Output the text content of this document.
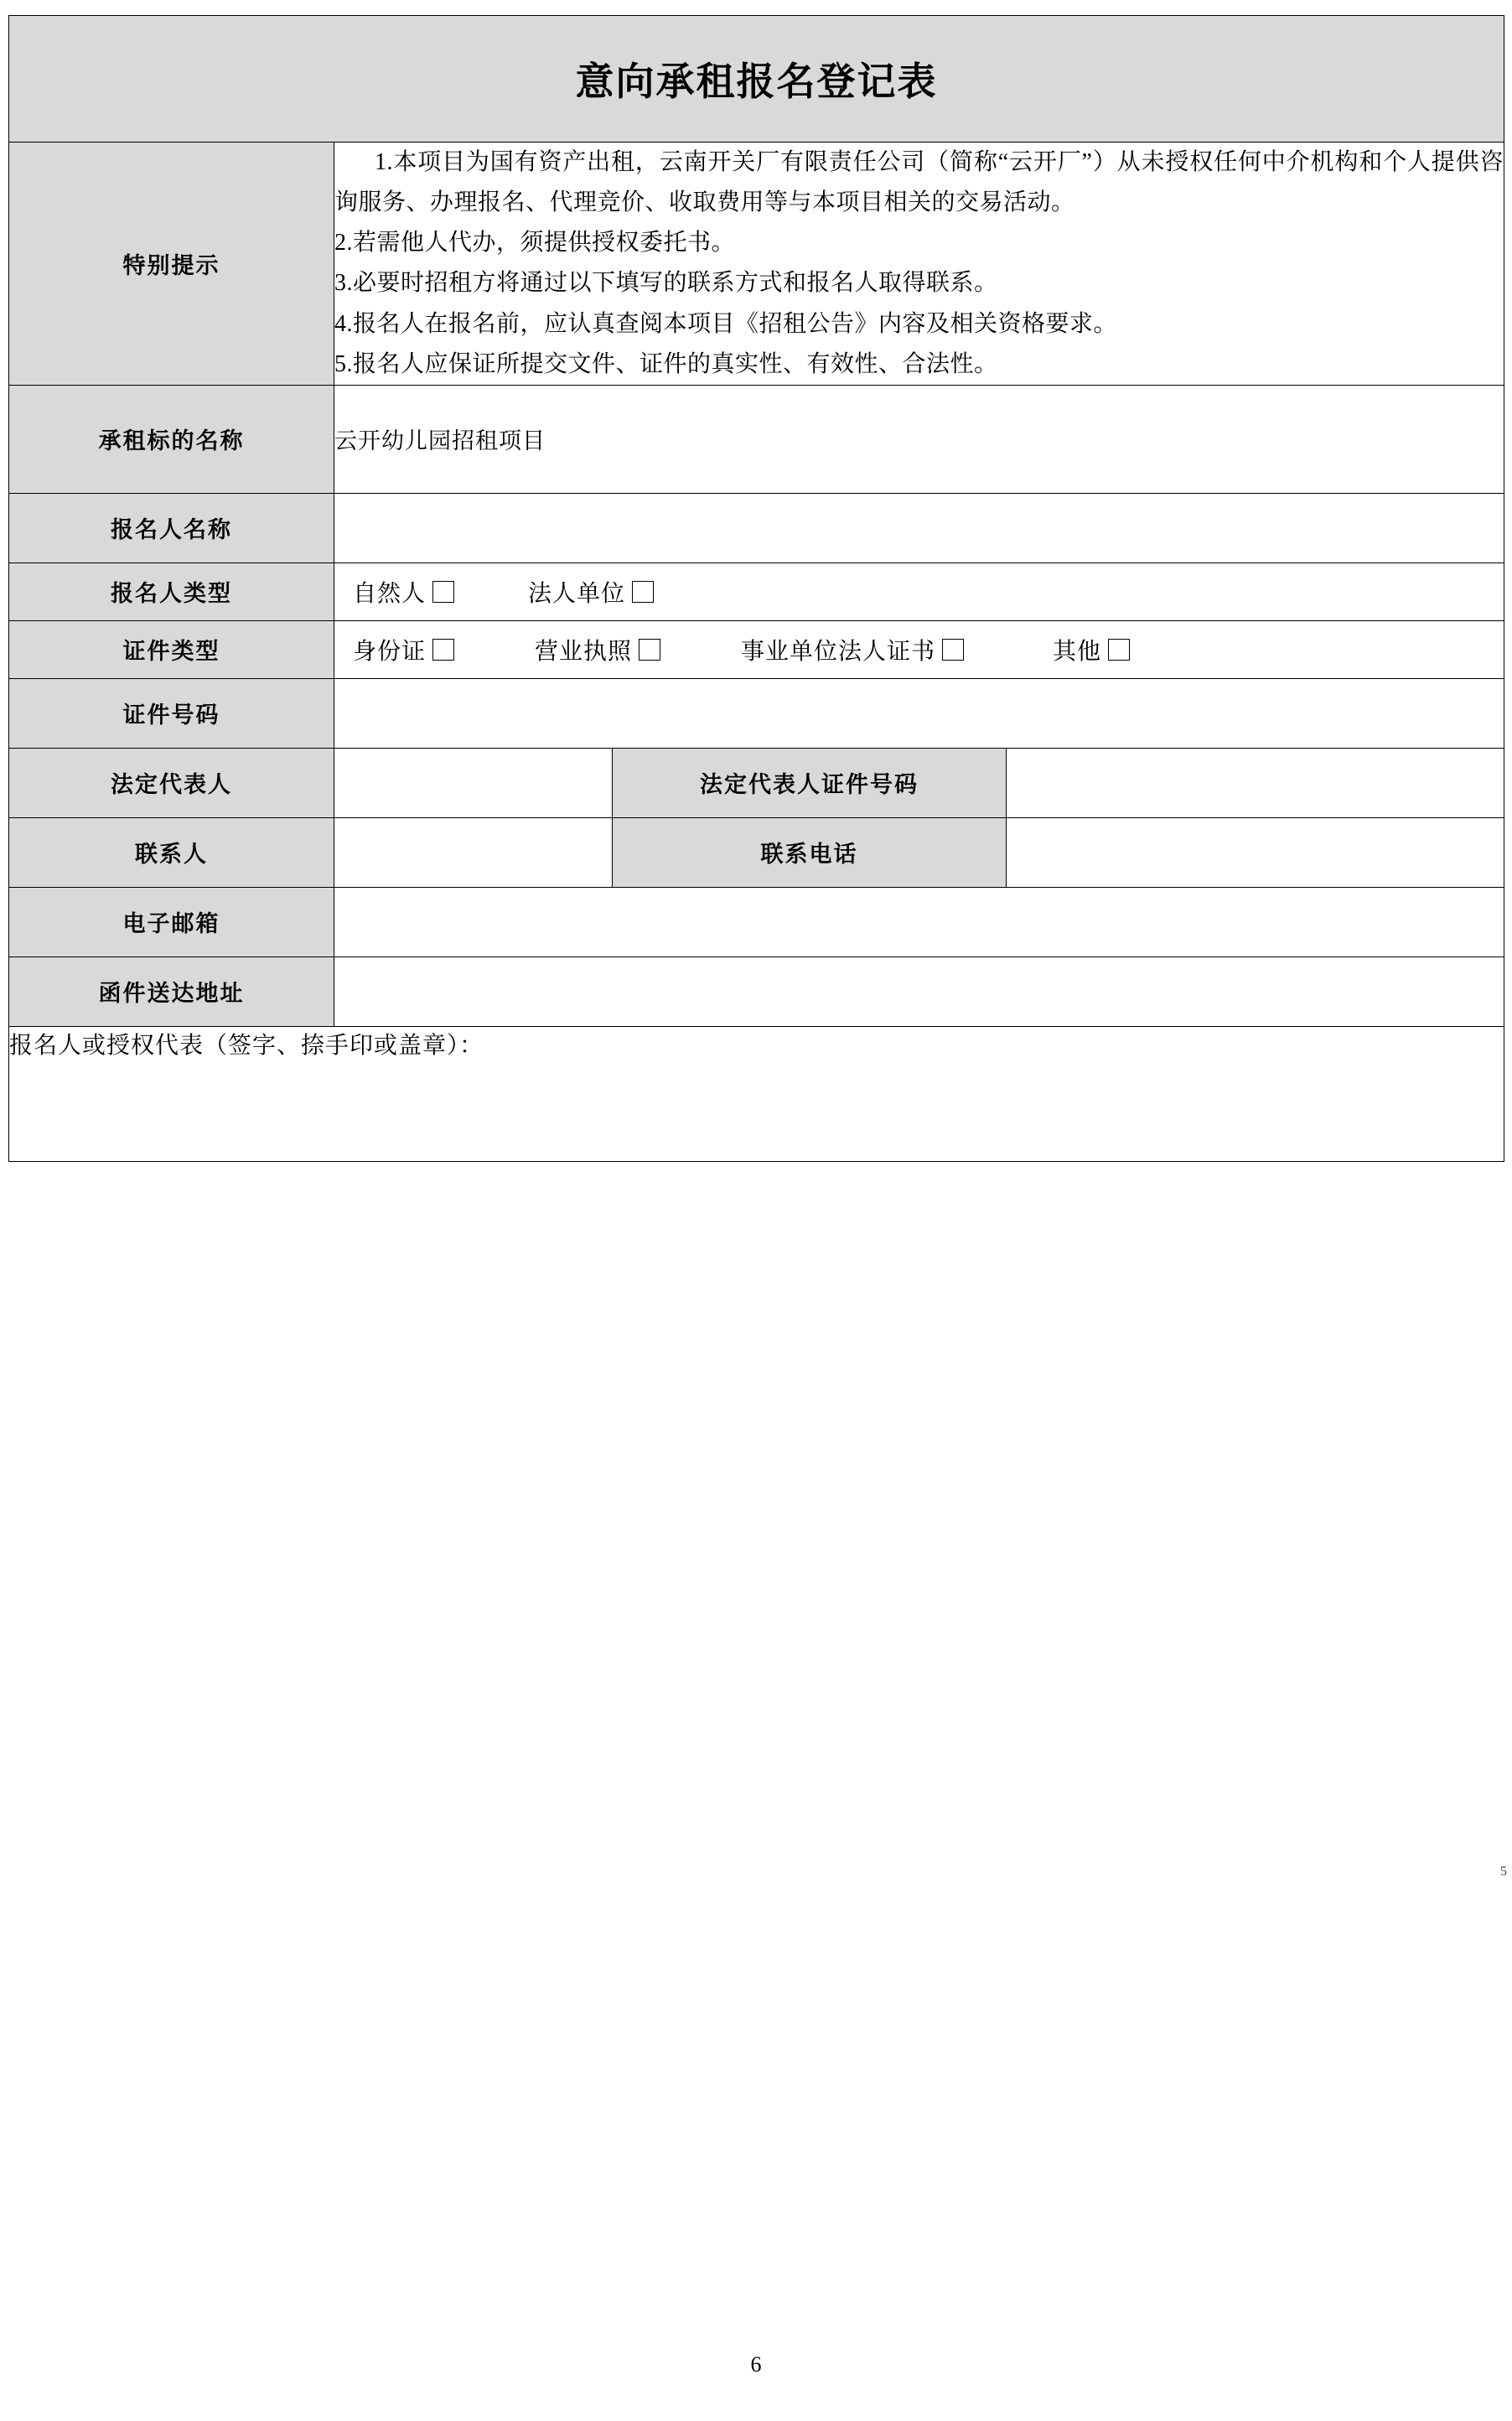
意向承租报名登记表			
特别提示	1.本项目为国有资产出租，云南开关厂有限责任公司（简称“云开厂”）从未授权任何中介机构和个人提供咨询服务、办理报名、代理竞价、收取费用等与本项目相关的交易活动。

2.若需他人代办，须提供授权委托书。

3.必要时招租方将通过以下填写的联系方式和报名人取得联系。

4.报名人在报名前，应认真查阅本项目《招租公告》内容及相关资格要求。

5.报名人应保证所提交文件、证件的真实性、有效性、合法性。		

承租标的名称	云开幼儿园招租项目		
报名人名称			
报名人类型	自然人 法人单位		

证件类型	身份证 营业执照 事业单位法人证书 其他		

证件号码			
法定代表人		法定代表人证件号码	
联系人		联系电话	
电子邮箱			
函件送达地址			

报名人或授权代表（签字、捺手印或盖章）：			
5
6
